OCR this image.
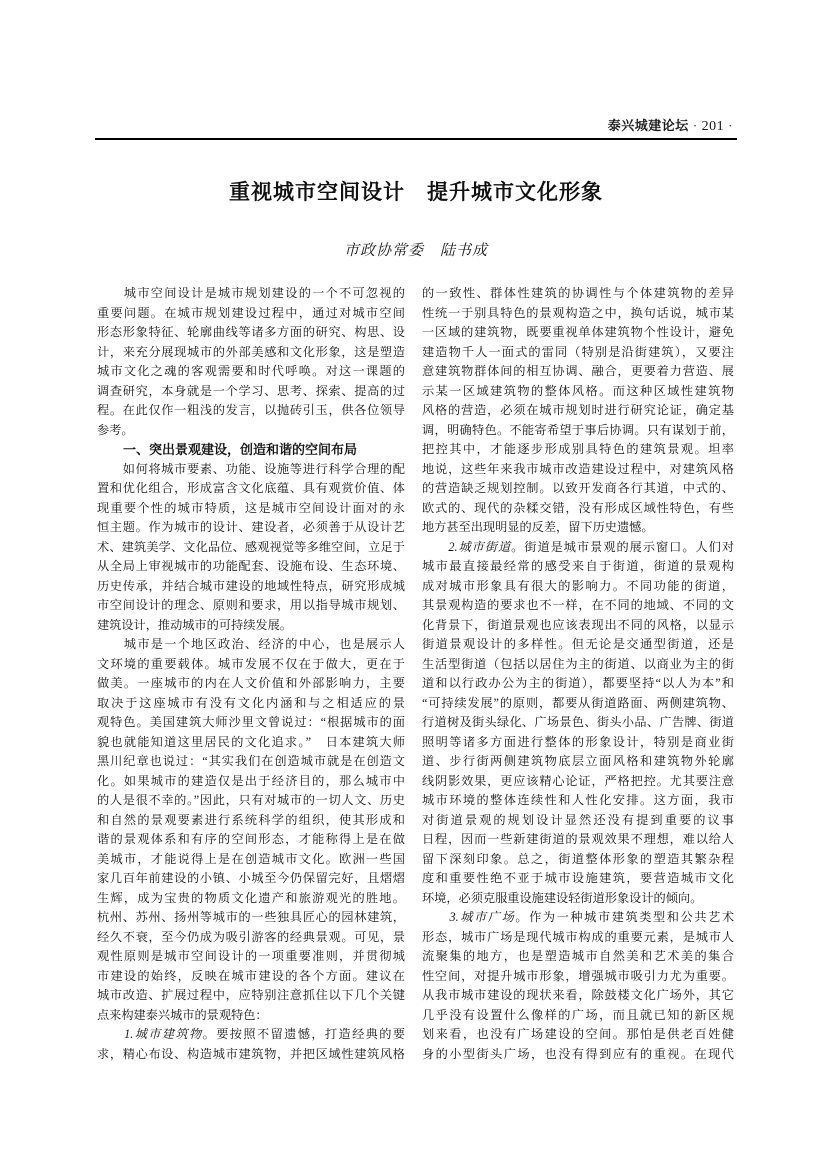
泰兴城建论坛 · 201 ·
重视城市空间设计　提升城市文化形象
市政协常委　陆书成
　　城市空间设计是城市规划建设的一个不可忽视的
重要问题。在城市规划建设过程中，通过对城市空间
形态形象特征、轮廓曲线等诸多方面的研究、构思、设
计，来充分展现城市的外部美感和文化形象，这是塑造
城市文化之魂的客观需要和时代呼唤。对这一课题的
调查研究，本身就是一个学习、思考、探索、提高的过
程。在此仅作一粗浅的发言，以抛砖引玉，供各位领导
参考。
　　一、突出景观建设，创造和谐的空间布局
　　如何将城市要素、功能、设施等进行科学合理的配
置和优化组合，形成富含文化底蕴、具有观赏价值、体
现重要个性的城市特质，这是城市空间设计面对的永
恒主题。作为城市的设计、建设者，必须善于从设计艺
术、建筑美学、文化品位、感观视觉等多维空间，立足于
从全局上审视城市的功能配套、设施布设、生态环境、
历史传承，并结合城市建设的地域性特点，研究形成城
市空间设计的理念、原则和要求，用以指导城市规划、
建筑设计，推动城市的可持续发展。
　　城市是一个地区政治、经济的中心，也是展示人
文环境的重要载体。城市发展不仅在于做大，更在于
做美。一座城市的内在人文价值和外部影响力，主要
取决于这座城市有没有文化内涵和与之相适应的景
观特色。美国建筑大师沙里文曾说过：“根据城市的面
貌也就能知道这里居民的文化追求。”　日本建筑大师
黑川纪章也说过：“其实我们在创造城市就是在创造文
化。如果城市的建造仅是出于经济目的，那么城市中
的人是很不幸的。”因此，只有对城市的一切人文、历史
和自然的景观要素进行系统科学的组织，使其形成和
谐的景观体系和有序的空间形态，才能称得上是在做
美城市，才能说得上是在创造城市文化。欧洲一些国
家几百年前建设的小镇、小城至今仍保留完好，且熠熠
生辉，成为宝贵的物质文化遗产和旅游观光的胜地。
杭州、苏州、扬州等城市的一些独具匠心的园林建筑，
经久不衰，至今仍成为吸引游客的经典景观。可见，景
观性原则是城市空间设计的一项重要准则，并贯彻城
市建设的始终，反映在城市建设的各个方面。建议在
城市改造、扩展过程中，应特别注意抓住以下几个关键
点来构建泰兴城市的景观特色：
　　1.城市建筑物。要按照不留遗憾，打造经典的要
求，精心布设、构造城市建筑物，并把区域性建筑风格
的一致性、群体性建筑的协调性与个体建筑物的差异
性统一于别具特色的景观构造之中，换句话说，城市某
一区域的建筑物，既要重视单体建筑物个性设计，避免
建造物千人一面式的雷同（特别是沿街建筑），又要注
意建筑物群体间的相互协调、融合，更要着力营造、展
示某一区域建筑物的整体风格。而这种区域性建筑物
风格的营造，必须在城市规划时进行研究论证，确定基
调，明确特色。不能寄希望于事后协调。只有谋划于前，
把控其中，才能逐步形成别具特色的建筑景观。坦率
地说，这些年来我市城市改造建设过程中，对建筑风格
的营造缺乏规划控制。以致开发商各行其道，中式的、
欧式的、现代的杂糅交错，没有形成区域性特色，有些
地方甚至出现明显的反差，留下历史遗憾。
　　2.城市街道。街道是城市景观的展示窗口。人们对
城市最直接最经常的感受来自于街道，街道的景观构
成对城市形象具有很大的影响力。不同功能的街道，
其景观构造的要求也不一样，在不同的地域、不同的文
化背景下，街道景观也应该表现出不同的风格，以显示
街道景观设计的多样性。但无论是交通型街道，还是
生活型街道（包括以居住为主的街道、以商业为主的街
道和以行政办公为主的街道），都要坚持“以人为本”和
“可持续发展”的原则，都要从街道路面、两侧建筑物、
行道树及街头绿化、广场景色、街头小品、广告牌、街道
照明等诸多方面进行整体的形象设计，特别是商业街
道、步行街两侧建筑物底层立面风格和建筑物外轮廓
线阴影效果，更应该精心论证，严格把控。尤其要注意
城市环境的整体连续性和人性化安排。这方面，我市
对街道景观的规划设计显然还没有提到重要的议事
日程，因而一些新建街道的景观效果不理想，难以给人
留下深刻印象。总之，街道整体形象的塑造其繁杂程
度和重要性绝不亚于城市设施建筑，要营造城市文化
环境，必须克服重设施建设轻街道形象设计的倾向。
　　3.城市广场。作为一种城市建筑类型和公共艺术
形态，城市广场是现代城市构成的重要元素，是城市人
流聚集的地方，也是塑造城市自然美和艺术美的集合
性空间，对提升城市形象，增强城市吸引力尤为重要。
从我市城市建设的现状来看，除鼓楼文化广场外，其它
几乎没有设置什么像样的广场，而且就已知的新区规
划来看，也没有广场建设的空间。那怕是供老百姓健
身的小型街头广场，也没有得到应有的重视。在现代
